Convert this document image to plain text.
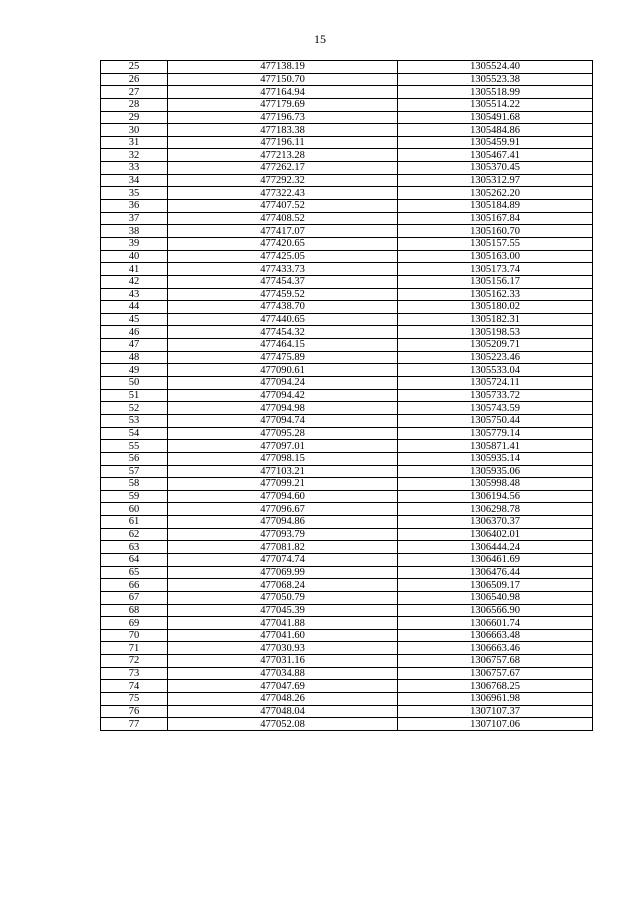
15
25	477138.19	1305524.40
26	477150.70	1305523.38
27	477164.94	1305518.99
28	477179.69	1305514.22
29	477196.73	1305491.68
30	477183.38	1305484.86
31	477196.11	1305459.91
32	477213.28	1305467.41
33	477262.17	1305370.45
34	477292.32	1305312.97
35	477322.43	1305262.20
36	477407.52	1305184.89
37	477408.52	1305167.84
38	477417.07	1305160.70
39	477420.65	1305157.55
40	477425.05	1305163.00
41	477433.73	1305173.74
42	477454.37	1305156.17
43	477459.52	1305162.33
44	477438.70	1305180.02
45	477440.65	1305182.31
46	477454.32	1305198.53
47	477464.15	1305209.71
48	477475.89	1305223.46
49	477090.61	1305533.04
50	477094.24	1305724.11
51	477094.42	1305733.72
52	477094.98	1305743.59
53	477094.74	1305750.44
54	477095.28	1305779.14
55	477097.01	1305871.41
56	477098.15	1305935.14
57	477103.21	1305935.06
58	477099.21	1305998.48
59	477094.60	1306194.56
60	477096.67	1306298.78
61	477094.86	1306370.37
62	477093.79	1306402.01
63	477081.82	1306444.24
64	477074.74	1306461.69
65	477069.99	1306476.44
66	477068.24	1306509.17
67	477050.79	1306540.98
68	477045.39	1306566.90
69	477041.88	1306601.74
70	477041.60	1306663.48
71	477030.93	1306663.46
72	477031.16	1306757.68
73	477034.88	1306757.67
74	477047.69	1306768.25
75	477048.26	1306961.98
76	477048.04	1307107.37
77	477052.08	1307107.06
